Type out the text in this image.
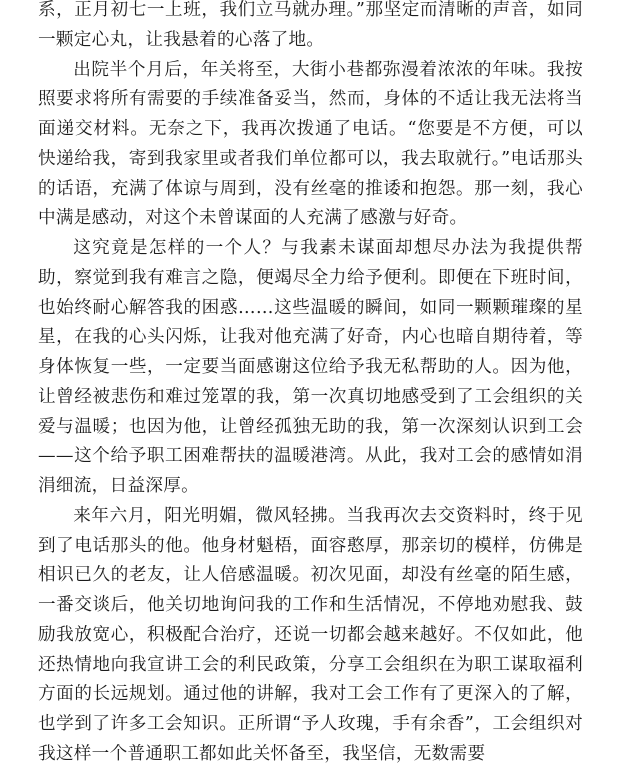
系，正月初七一上班，我们立马就办理。”那坚定而清晰的声音，如同一颗定心丸，让我悬着的心落了地。

出院半个月后，年关将至，大街小巷都弥漫着浓浓的年味。我按照要求将所有需要的手续准备妥当，然而，身体的不适让我无法将当面递交材料。无奈之下，我再次拨通了电话。“您要是不方便，可以快递给我，寄到我家里或者我们单位都可以，我去取就行。”电话那头的话语，充满了体谅与周到，没有丝毫的推诿和抱怨。那一刻，我心中满是感动，对这个未曾谋面的人充满了感激与好奇。

这究竟是怎样的一个人？与我素未谋面却想尽办法为我提供帮助，察觉到我有难言之隐，便竭尽全力给予便利。即便在下班时间，也始终耐心解答我的困惑……这些温暖的瞬间，如同一颗颗璀璨的星星，在我的心头闪烁，让我对他充满了好奇，内心也暗自期待着，等身体恢复一些，一定要当面感谢这位给予我无私帮助的人。因为他，让曾经被悲伤和难过笼罩的我，第一次真切地感受到了工会组织的关爱与温暖；也因为他，让曾经孤独无助的我，第一次深刻认识到工会——这个给予职工困难帮扶的温暖港湾。从此，我对工会的感情如涓涓细流，日益深厚。

来年六月，阳光明媚，微风轻拂。当我再次去交资料时，终于见到了电话那头的他。他身材魁梧，面容憨厚，那亲切的模样，仿佛是相识已久的老友，让人倍感温暖。初次见面，却没有丝毫的陌生感，一番交谈后，他关切地询问我的工作和生活情况，不停地劝慰我、鼓励我放宽心，积极配合治疗，还说一切都会越来越好。不仅如此，他还热情地向我宣讲工会的利民政策，分享工会组织在为职工谋取福利方面的长远规划。通过他的讲解，我对工会工作有了更深入的了解，也学到了许多工会知识。正所谓“予人玫瑰，手有余香”，工会组织对我这样一个普通职工都如此关怀备至，我坚信，无数需要
